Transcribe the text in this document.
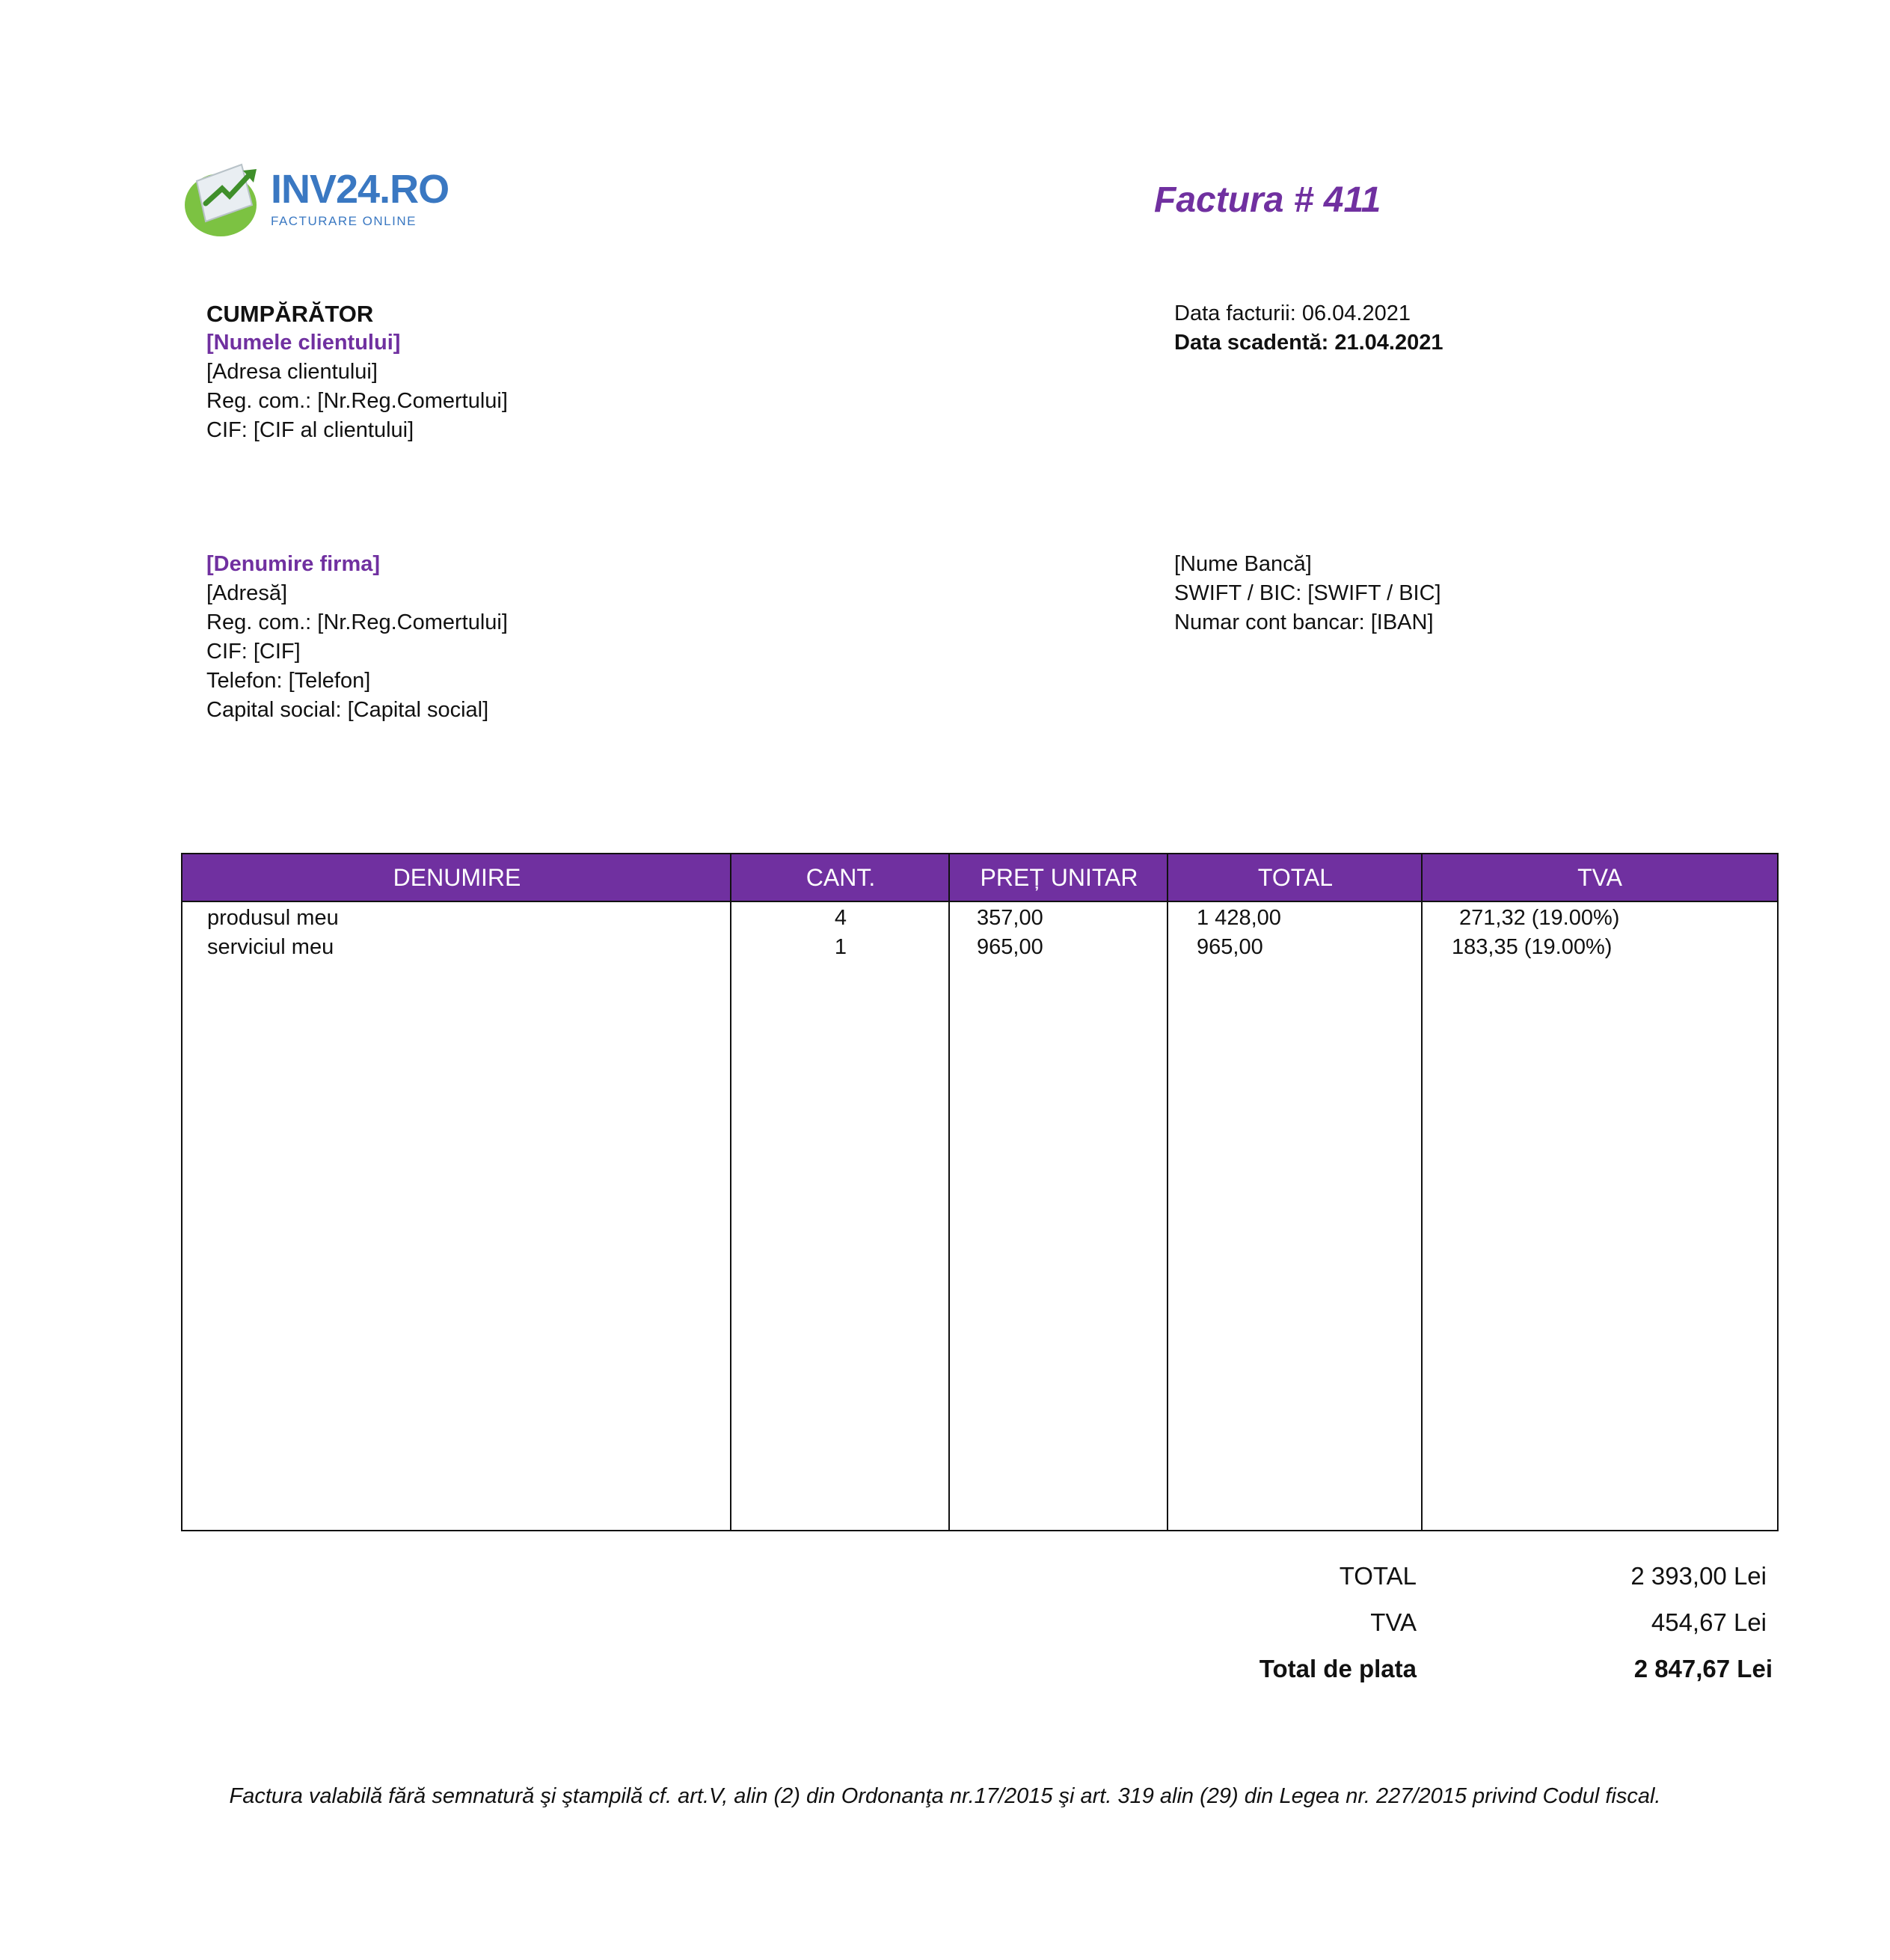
INV24.RO
FACTURARE ONLINE
Factura # 411
CUMPĂRĂTOR
[Numele clientului]
[Adresa clientului]
Reg. com.: [Nr.Reg.Comertului]
CIF: [CIF al clientului]
Data facturii: 06.04.2021
Data scadentă: 21.04.2021
[Denumire firma]
[Adresă]
Reg. com.: [Nr.Reg.Comertului]
CIF: [CIF]
Telefon: [Telefon]
Capital social: [Capital social]
[Nume Bancă]
SWIFT / BIC: [SWIFT / BIC]
Numar cont bancar: [IBAN]
DENUMIRE	CANT.	PREȚ UNITAR	TOTAL	TVA
produsul meu	4	357,00	1 428,00	271,32 (19.00%)
serviciul meu	1	965,00	965,00	183,35 (19.00%)
TOTAL	2 393,00 Lei
TVA	454,67 Lei
Total de plata	2 847,67 Lei
Factura valabilă fără semnatură şi ştampilă cf. art.V, alin (2) din Ordonanţa nr.17/2015 şi art. 319 alin (29) din Legea nr. 227/2015 privind Codul fiscal.
